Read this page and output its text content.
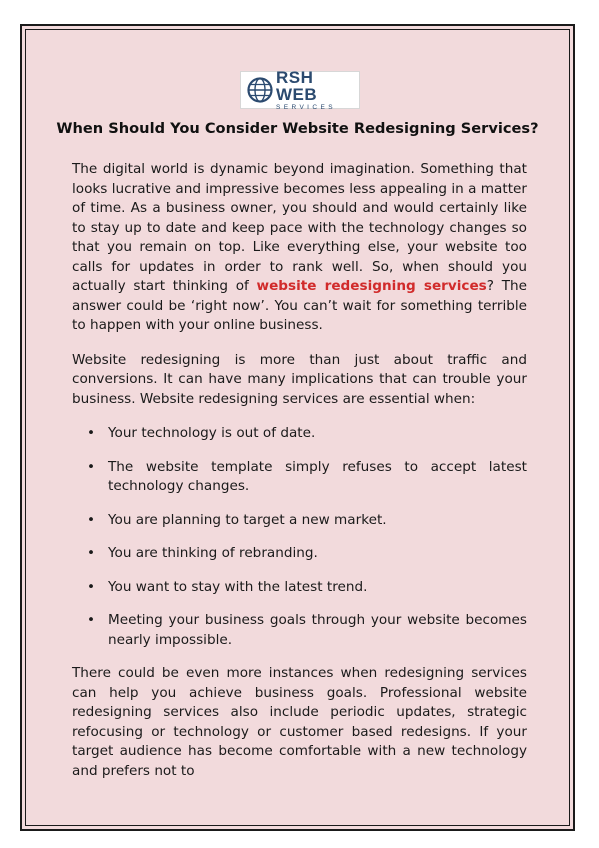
RSH WEB
SERVICES
When Should You Consider Website Redesigning Services?

The digital world is dynamic beyond imagination. Something that looks lucrative and impressive becomes less appealing in a matter of time. As a business owner, you should and would certainly like to stay up to date and keep pace with the technology changes so that you remain on top. Like everything else, your website too calls for updates in order to rank well. So, when should you actually start thinking of website redesigning services? The answer could be ‘right now’. You can’t wait for something terrible to happen with your online business.

Website redesigning is more than just about traffic and conversions. It can have many implications that can trouble your business. Website redesigning services are essential when:

• Your technology is out of date.
• The website template simply refuses to accept latest technology changes.
• You are planning to target a new market.
• You are thinking of rebranding.
• You want to stay with the latest trend.
• Meeting your business goals through your website becomes nearly impossible.

There could be even more instances when redesigning services can help you achieve business goals. Professional website redesigning services also include periodic updates, strategic refocusing or technology or customer based redesigns. If your target audience has become comfortable with a new technology and prefers not to
